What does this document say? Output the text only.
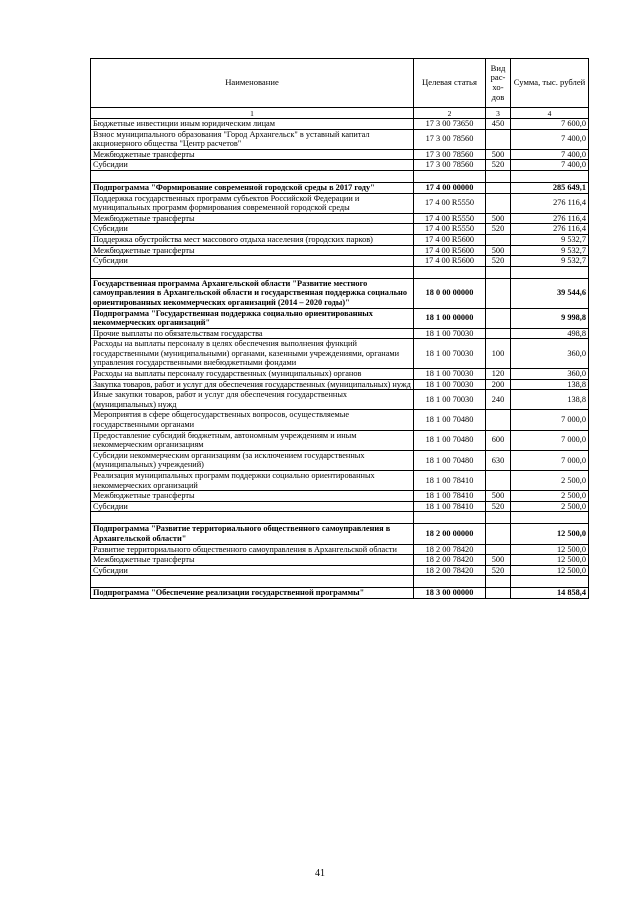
Наименование	Целевая статья	Вид рас-хо-дов	Сумма, тыс. рублей
1	2	3	4
Бюджетные инвестиции иным юридическим лицам	17 3 00 73650	450	7 600,0
Взнос муниципального образования "Город Архангельск" в уставный капитал акционерного общества "Центр расчетов"	17 3 00 78560		7 400,0
Межбюджетные трансферты	17 3 00 78560	500	7 400,0
Субсидии	17 3 00 78560	520	7 400,0

Подпрограмма "Формирование современной городской среды в 2017 году"	17 4 00 00000		285 649,1
Поддержка государственных программ субъектов Российской Федерации и муниципальных программ формирования современной городской среды	17 4 00 R5550		276 116,4
Межбюджетные трансферты	17 4 00 R5550	500	276 116,4
Субсидии	17 4 00 R5550	520	276 116,4
Поддержка обустройства мест массового отдыха населения (городских парков)	17 4 00 R5600		9 532,7
Межбюджетные трансферты	17 4 00 R5600	500	9 532,7
Субсидии	17 4 00 R5600	520	9 532,7

Государственная программа Архангельской области "Развитие местного самоуправления в Архангельской области и государственная поддержка социально ориентированных некоммерческих организаций (2014 – 2020 годы)"	18 0 00 00000		39 544,6
Подпрограмма "Государственная поддержка социально ориентированных некоммерческих организаций"	18 1 00 00000		9 998,8
Прочие выплаты по обязательствам государства	18 1 00 70030		498,8
Расходы на выплаты персоналу в целях обеспечения выполнения функций государственными (муниципальными) органами, казенными учреждениями, органами управления государственными внебюджетными фондами	18 1 00 70030	100	360,0
Расходы на выплаты персоналу государственных (муниципальных) органов	18 1 00 70030	120	360,0
Закупка товаров, работ и услуг для обеспечения государственных (муниципальных) нужд	18 1 00 70030	200	138,8
Иные закупки товаров, работ и услуг для обеспечения государственных (муниципальных) нужд	18 1 00 70030	240	138,8
Мероприятия в сфере общегосударственных вопросов, осуществляемые государственными органами	18 1 00 70480		7 000,0
Предоставление субсидий бюджетным, автономным учреждениям и иным некоммерческим организациям	18 1 00 70480	600	7 000,0
Субсидии некоммерческим организациям (за исключением государственных (муниципальных) учреждений)	18 1 00 70480	630	7 000,0
Реализация муниципальных программ поддержки социально ориентированных некоммерческих организаций	18 1 00 78410		2 500,0
Межбюджетные трансферты	18 1 00 78410	500	2 500,0
Субсидии	18 1 00 78410	520	2 500,0

Подпрограмма "Развитие территориального общественного самоуправления в Архангельской области"	18 2 00 00000		12 500,0
Развитие территориального общественного самоуправления в Архангельской области	18 2 00 78420		12 500,0
Межбюджетные трансферты	18 2 00 78420	500	12 500,0
Субсидии	18 2 00 78420	520	12 500,0

Подпрограмма "Обеспечение реализации государственной программы"	18 3 00 00000		14 858,4
41
